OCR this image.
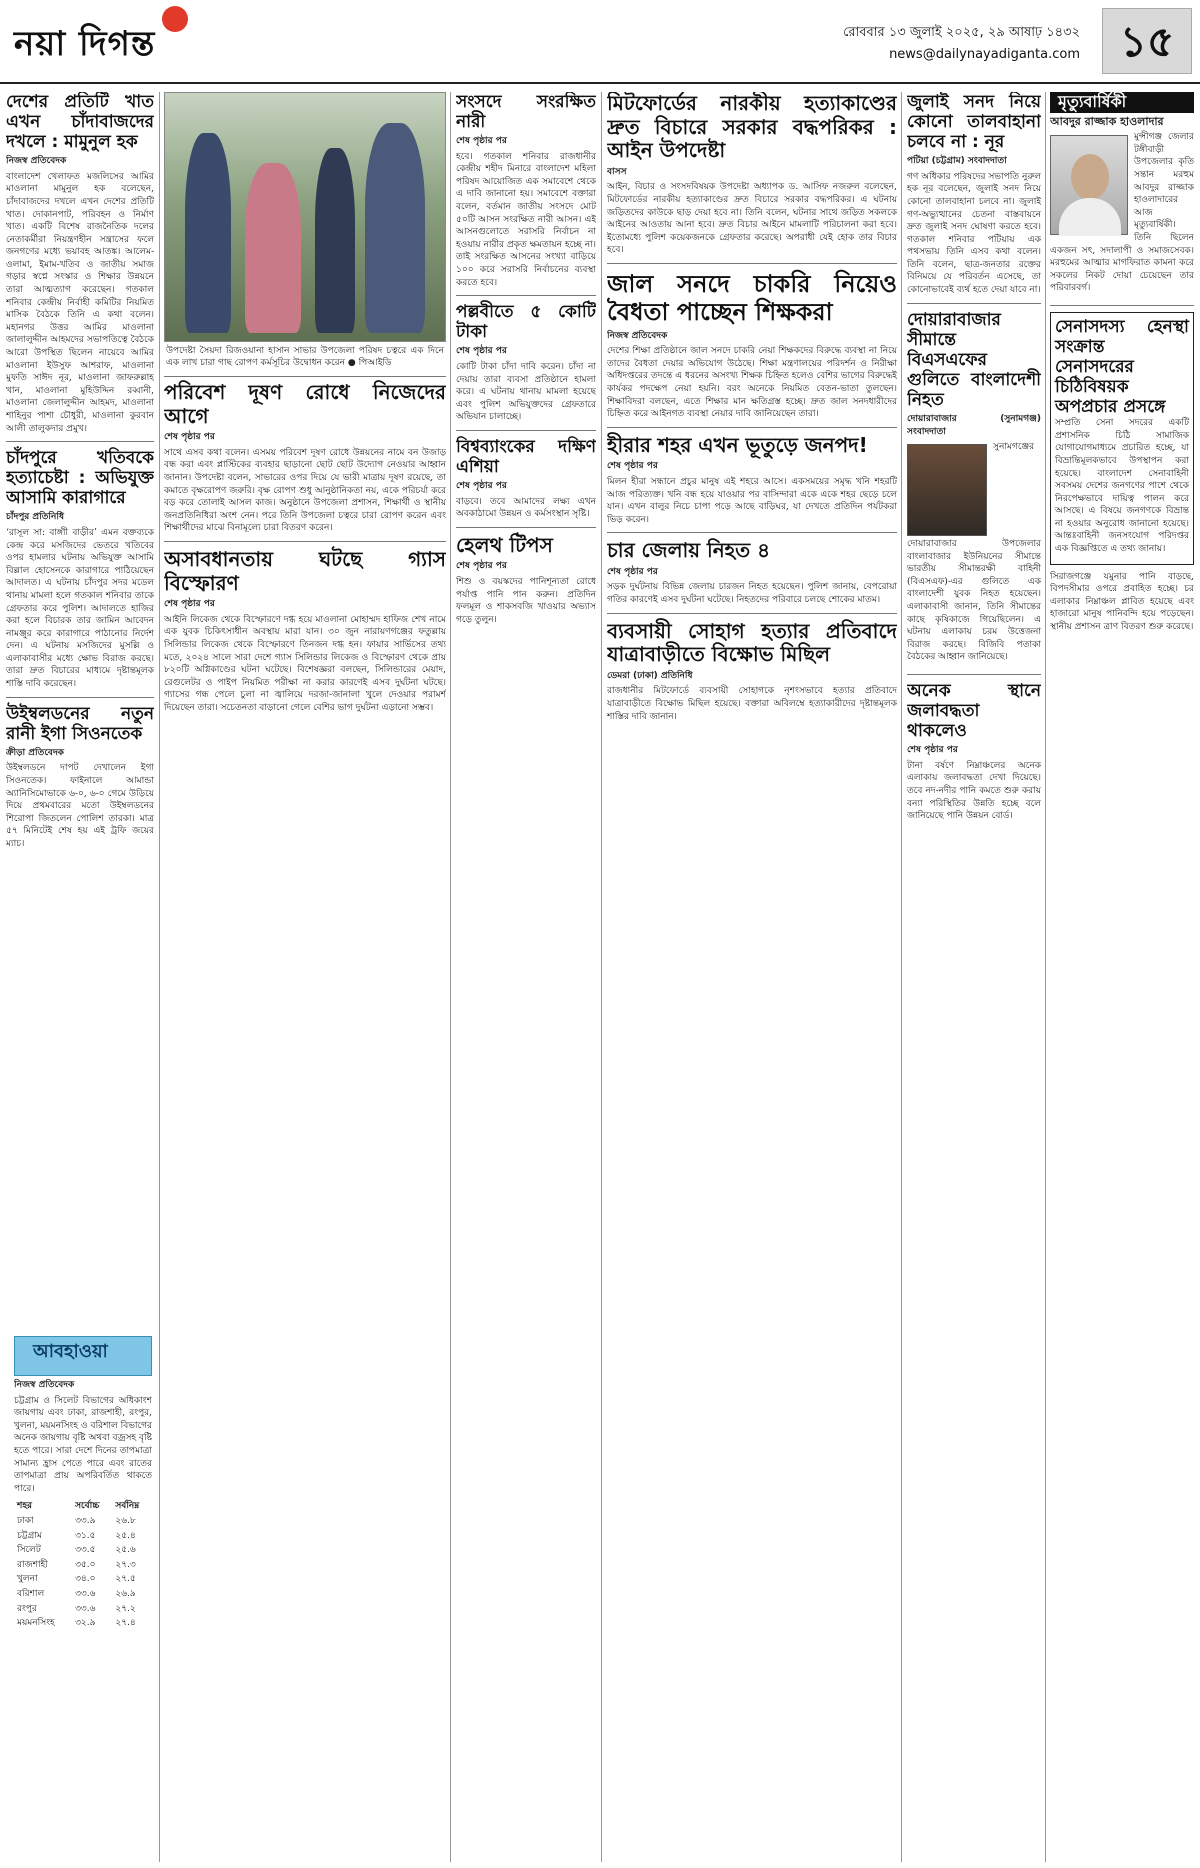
নয়া দিগন্ত	রোববার ১৩ জুলাই ২০২৫, ২৯ আষাঢ় ১৪৩২
news@dailynayadiganta.com ১৫
দেশের প্রতিটি খাত এখন চাঁদাবাজদের দখলে : মামুনুল হক
নিজস্ব প্রতিবেদক

বাংলাদেশ খেলাফত মজলিসের আমির মাওলানা মামুনুল হক বলেছেন, চাঁদাবাজদের দখলে এখন দেশের প্রতিটি খাত। দোকানপাট, পরিবহন ও নির্মাণ খাত। একটি বিশেষ রাজনৈতিক দলের নেতাকর্মীরা নিয়ন্ত্রণহীন সন্ত্রাসের ফলে জনগণের মধ্যে ভয়াবহ আতঙ্ক। আলেম-ওলামা, ইমাম-খতিব ও জাতীয় সমাজ গড়ার স্বপ্নে সংস্কার ও শিক্ষার উন্নয়নে তারা আত্মত্যাগ করেছেন। গতকাল শনিবার কেন্দ্রীয় নির্বাহী কমিটির নিয়মিত মাসিক বৈঠকে তিনি এ কথা বলেন। মহানগর উত্তর আমির মাওলানা জালালুদ্দীন আহমদের সভাপতিত্বে বৈঠকে আরো উপস্থিত ছিলেন নায়েবে আমির মাওলানা ইউসুফ আশরাফ, মাওলানা মুফতি সাঈদ নূর, মাওলানা জাফরুল্লাহ খান, মাওলানা মুহিউদ্দিন রব্বানী, মাওলানা জেলালুদ্দীন আহমদ, মাওলানা শাহিনুর পাশা চৌধুরী, মাওলানা কুরবান আলী তালুকদার প্রমুখ।

চাঁদপুরে খতিবকে হত্যাচেষ্টা : অভিযুক্ত আসামি কারাগারে
চাঁদপুর প্রতিনিধি

‘রাসূল সা: বাঙ্গাী বাড়ীর’ এমন বক্তব্যকে কেন্দ্র করে মসজিদের ভেতরে খতিবের ওপর হামলার ঘটনায় অভিযুক্ত আসামি বিল্লাল হোসেনকে কারাগারে পাঠিয়েছেন আদালত। এ ঘটনায় চাঁদপুর সদর মডেল থানায় মামলা হলে গতকাল শনিবার তাকে গ্রেফতার করে পুলিশ। আদালতে হাজির করা হলে বিচারক তার জামিন আবেদন নামঞ্জুর করে কারাগারে পাঠানোর নির্দেশ দেন। এ ঘটনায় মসজিদের মুসল্লি ও এলাকাবাসীর মধ্যে ক্ষোভ বিরাজ করছে। তারা দ্রুত বিচারের মাধ্যমে দৃষ্টান্তমূলক শাস্তি দাবি করেছেন।

উইম্বলডনের নতুন রানী ইগা সিওনতেক
ক্রীড়া প্রতিবেদক

উইম্বলডনে দাপট দেখালেন ইগা সিওনতেক। ফাইনালে আমান্ডা অ্যানিসিমোভাকে ৬-০, ৬-০ গেমে উড়িয়ে দিয়ে প্রথমবারের মতো উইম্বলডনের শিরোপা জিতলেন পোলিশ তারকা। মাত্র ৫৭ মিনিটেই শেষ হয় এই ট্রফি জয়ের ম্যাচ।

আবহাওয়া
নিজস্ব প্রতিবেদক

চট্টগ্রাম ও সিলেট বিভাগের অধিকাংশ জায়গায় এবং ঢাকা, রাজশাহী, রংপুর, খুলনা, ময়মনসিংহ ও বরিশাল বিভাগের অনেক জায়গায় বৃষ্টি অথবা বজ্রসহ বৃষ্টি হতে পারে। সারা দেশে দিনের তাপমাত্রা সামান্য হ্রাস পেতে পারে এবং রাতের তাপমাত্রা প্রায় অপরিবর্তিত থাকতে পারে।

শহর	সর্বোচ্চ	সর্বনিম্ন
ঢাকা	৩৩.৯	২৬.৮
চট্টগ্রাম	৩১.৫	২৫.৪
সিলেট	৩৩.৫	২৫.৬
রাজশাহী	৩৫.০	২৭.৩
খুলনা	৩৪.০	২৭.৫
বরিশাল	৩৩.৬	২৬.৯
রংপুর	৩৩.৬	২৭.২
ময়মনসিংহ	৩২.৯	২৭.৪
উপদেষ্টা সৈয়দা রিজওয়ানা হাসান সাভার উপজেলা পরিষদ চত্বরে এক দিনে এক লাখ চারা গাছ রোপণ কর্মসূচির উদ্বোধন করেন ● পিআইডি
পরিবেশ দূষণ রোধে নিজেদের আগে
শেষ পৃষ্ঠার পর

সাথে এসব কথা বলেন। এসময় পরিবেশ দূষণ রোধে উন্নয়নের নামে বন উজাড় বন্ধ করা এবং প্লাস্টিকের ব্যবহার ছাড়ানো ছোট ছোট উদ্যোগ নেওয়ার আহ্বান জানান। উপদেষ্টা বলেন, সাভারের ওপর দিয়ে যে ভারী মাত্রায় দূষণ রয়েছে, তা কমাতে বৃক্ষরোপণ জরুরি। বৃক্ষ রোপণ শুধু আনুষ্ঠানিকতা নয়, একে পরিচর্যা করে বড় করে তোলাই আসল কাজ। অনুষ্ঠানে উপজেলা প্রশাসন, শিক্ষার্থী ও স্থানীয় জনপ্রতিনিধিরা অংশ নেন। পরে তিনি উপজেলা চত্বরে চারা রোপণ করেন এবং শিক্ষার্থীদের মাঝে বিনামূল্যে চারা বিতরণ করেন।

অসাবধানতায় ঘটছে গ্যাস বিস্ফোরণ
শেষ পৃষ্ঠার পর

আইনি লিকেজ থেকে বিস্ফোরণে দগ্ধ হয়ে মাওলানা মোহাম্মদ হাফিজ শেখ নামে এক যুবক চিকিৎসাধীন অবস্থায় মারা যান। ৩০ জুন নারায়ণগঞ্জের ফতুল্লায় সিলিন্ডার লিকেজ থেকে বিস্ফোরণে তিনজন দগ্ধ হন। ফায়ার সার্ভিসের তথ্য মতে, ২০২৪ সালে সারা দেশে গ্যাস সিলিন্ডার লিকেজ ও বিস্ফোরণ থেকে প্রায় ৮২০টি অগ্নিকাণ্ডের ঘটনা ঘটেছে। বিশেষজ্ঞরা বলছেন, সিলিন্ডারের মেয়াদ, রেগুলেটর ও পাইপ নিয়মিত পরীক্ষা না করার কারণেই এসব দুর্ঘটনা ঘটছে। গ্যাসের গন্ধ পেলে চুলা না জ্বালিয়ে দরজা-জানালা খুলে দেওয়ার পরামর্শ দিয়েছেন তারা। সচেতনতা বাড়ানো গেলে বেশির ভাগ দুর্ঘটনা এড়ানো সম্ভব।

সংসদে সংরক্ষিত নারী
শেষ পৃষ্ঠার পর

হবে। গতকাল শনিবার রাজধানীর কেন্দ্রীয় শহীদ মিনারে বাংলাদেশ মহিলা পরিষদ আয়োজিত এক সমাবেশে থেকে এ দাবি জানানো হয়। সমাবেশে বক্তারা বলেন, বর্তমান জাতীয় সংসদে মোট ৫০টি আসন সংরক্ষিত নারী আসন। এই আসনগুলোতে সরাসরি নির্বাচন না হওয়ায় নারীর প্রকৃত ক্ষমতায়ন হচ্ছে না। তাই সংরক্ষিত আসনের সংখ্যা বাড়িয়ে ১০০ করে সরাসরি নির্বাচনের ব্যবস্থা করতে হবে।

পল্লবীতে ৫ কোটি টাকা
শেষ পৃষ্ঠার পর

কোটি টাকা চাঁদা দাবি করেন। চাঁদা না দেয়ায় তারা ব্যবসা প্রতিষ্ঠানে হামলা করে। এ ঘটনায় থানায় মামলা হয়েছে এবং পুলিশ অভিযুক্তদের গ্রেফতারে অভিযান চালাচ্ছে।

বিশ্বব্যাংকের দক্ষিণ এশিয়া
শেষ পৃষ্ঠার পর

বাড়বে। তবে আমাদের লক্ষ্য এখন অবকাঠামো উন্নয়ন ও কর্মসংস্থান সৃষ্টি।

হেলথ টিপস
শেষ পৃষ্ঠার পর

শিশু ও বয়স্কদের পানিশূন্যতা রোধে পর্যাপ্ত পানি পান করুন। প্রতিদিন ফলমূল ও শাকসবজি খাওয়ার অভ্যাস গড়ে তুলুন।

মিটফোর্ডের নারকীয় হত্যাকাণ্ডের দ্রুত বিচারে সরকার বদ্ধপরিকর : আইন উপদেষ্টা
বাসস

আইন, বিচার ও সংসদবিষয়ক উপদেষ্টা অধ্যাপক ড. আসিফ নজরুল বলেছেন, মিটফোর্ডের নারকীয় হত্যাকাণ্ডের দ্রুত বিচারে সরকার বদ্ধপরিকর। এ ঘটনায় জড়িতদের কাউকে ছাড় দেয়া হবে না। তিনি বলেন, ঘটনার সাথে জড়িত সকলকে আইনের আওতায় আনা হবে। দ্রুত বিচার আইনে মামলাটি পরিচালনা করা হবে। ইতোমধ্যে পুলিশ কয়েকজনকে গ্রেফতার করেছে। অপরাধী যেই হোক তার বিচার হবে।

জাল সনদে চাকরি নিয়েও বৈধতা পাচ্ছেন শিক্ষকরা
নিজস্ব প্রতিবেদক

দেশের শিক্ষা প্রতিষ্ঠানে জাল সনদে চাকরি নেয়া শিক্ষকদের বিরুদ্ধে ব্যবস্থা না নিয়ে তাদের বৈধতা দেয়ার অভিযোগ উঠেছে। শিক্ষা মন্ত্রণালয়ের পরিদর্শন ও নিরীক্ষা অধিদপ্তরের তদন্তে এ ধরনের অসংখ্য শিক্ষক চিহ্নিত হলেও বেশির ভাগের বিরুদ্ধেই কার্যকর পদক্ষেপ নেয়া হয়নি। বরং অনেকে নিয়মিত বেতন-ভাতা তুলছেন। শিক্ষাবিদরা বলছেন, এতে শিক্ষার মান ক্ষতিগ্রস্ত হচ্ছে। দ্রুত জাল সনদধারীদের চিহ্নিত করে আইনগত ব্যবস্থা নেয়ার দাবি জানিয়েছেন তারা।

হীরার শহর এখন ভূতুড়ে জনপদ!
শেষ পৃষ্ঠার পর

মিলন হীরা সন্ধানে প্রচুর মানুষ এই শহরে আসে। একসময়ের সমৃদ্ধ খনি শহরটি আজ পরিত্যক্ত। খনি বন্ধ হয়ে যাওয়ার পর বাসিন্দারা একে একে শহর ছেড়ে চলে যান। এখন বালুর নিচে চাপা পড়ে আছে বাড়িঘর, যা দেখতে প্রতিদিন পর্যটকরা ভিড় করেন।

চার জেলায় নিহত ৪
শেষ পৃষ্ঠার পর

সড়ক দুর্ঘটনায় বিভিন্ন জেলায় চারজন নিহত হয়েছেন। পুলিশ জানায়, বেপরোয়া গতির কারণেই এসব দুর্ঘটনা ঘটেছে। নিহতদের পরিবারে চলছে শোকের মাতম।

ব্যবসায়ী সোহাগ হত্যার প্রতিবাদে যাত্রাবাড়ীতে বিক্ষোভ মিছিল
ডেমরা (ঢাকা) প্রতিনিধি

রাজধানীর মিটফোর্ডে ব্যবসায়ী সোহাগকে নৃশংসভাবে হত্যার প্রতিবাদে যাত্রাবাড়ীতে বিক্ষোভ মিছিল হয়েছে। বক্তারা অবিলম্বে হত্যাকারীদের দৃষ্টান্তমূলক শাস্তির দাবি জানান।

জুলাই সনদ নিয়ে কোনো তালবাহানা চলবে না : নূর
পটিয়া (চট্টগ্রাম) সংবাদদাতা

গণ অধিকার পরিষদের সভাপতি নুরুল হক নূর বলেছেন, জুলাই সনদ নিয়ে কোনো তালবাহানা চলবে না। জুলাই গণ-অভ্যুত্থানের চেতনা বাস্তবায়নে দ্রুত জুলাই সনদ ঘোষণা করতে হবে। গতকাল শনিবার পটিয়ায় এক পথসভায় তিনি এসব কথা বলেন। তিনি বলেন, ছাত্র-জনতার রক্তের বিনিময়ে যে পরিবর্তন এসেছে, তা কোনোভাবেই ব্যর্থ হতে দেয়া যাবে না।

দোয়ারাবাজার সীমান্তে বিএসএফের গুলিতে বাংলাদেশী নিহত
দোয়ারাবাজার (সুনামগঞ্জ) সংবাদদাতা

সুনামগঞ্জের দোয়ারাবাজার উপজেলার বাংলাবাজার ইউনিয়নের সীমান্তে ভারতীয় সীমান্তরক্ষী বাহিনী (বিএসএফ)-এর গুলিতে এক বাংলাদেশী যুবক নিহত হয়েছেন। এলাকাবাসী জানান, তিনি সীমান্তের কাছে কৃষিকাজে গিয়েছিলেন। এ ঘটনায় এলাকায় চরম উত্তেজনা বিরাজ করছে। বিজিবি পতাকা বৈঠকের আহ্বান জানিয়েছে।

অনেক স্থানে জলাবদ্ধতা থাকলেও
শেষ পৃষ্ঠার পর

টানা বর্ষণে নিম্নাঞ্চলের অনেক এলাকায় জলাবদ্ধতা দেখা দিয়েছে। তবে নদ-নদীর পানি কমতে শুরু করায় বন্যা পরিস্থিতির উন্নতি হচ্ছে বলে জানিয়েছে পানি উন্নয়ন বোর্ড।

মৃত্যুবার্ষিকী
আবদুর রাজ্জাক হাওলাদার

মুন্সীগঞ্জ জেলার টঙ্গীবাড়ী উপজেলার কৃতি সন্তান মরহুম আবদুর রাজ্জাক হাওলাদারের আজ মৃত্যুবার্ষিকী। তিনি ছিলেন একজন সৎ, সদালাপী ও সমাজসেবক। মরহুমের আত্মার মাগফিরাত কামনা করে সকলের নিকট দোয়া চেয়েছেন তার পরিবারবর্গ।

সেনাসদস্য হেনস্থা সংক্রান্ত সেনাসদরের চিঠিবিষয়ক অপপ্রচার প্রসঙ্গে

সম্প্রতি সেনা সদরের একটি প্রশাসনিক চিঠি সামাজিক যোগাযোগমাধ্যমে প্রচারিত হচ্ছে, যা বিভ্রান্তিমূলকভাবে উপস্থাপন করা হয়েছে। বাংলাদেশ সেনাবাহিনী সবসময় দেশের জনগণের পাশে থেকে নিরপেক্ষভাবে দায়িত্ব পালন করে আসছে। এ বিষয়ে জনগণকে বিভ্রান্ত না হওয়ার অনুরোধ জানানো হয়েছে। আন্তঃবাহিনী জনসংযোগ পরিদপ্তর এক বিজ্ঞপ্তিতে এ তথ্য জানায়।

সিরাজগঞ্জে যমুনার পানি বাড়ছে, বিপদসীমার ওপরে প্রবাহিত হচ্ছে। চর এলাকার নিম্নাঞ্চল প্লাবিত হয়েছে এবং হাজারো মানুষ পানিবন্দি হয়ে পড়েছেন। স্থানীয় প্রশাসন ত্রাণ বিতরণ শুরু করেছে।
